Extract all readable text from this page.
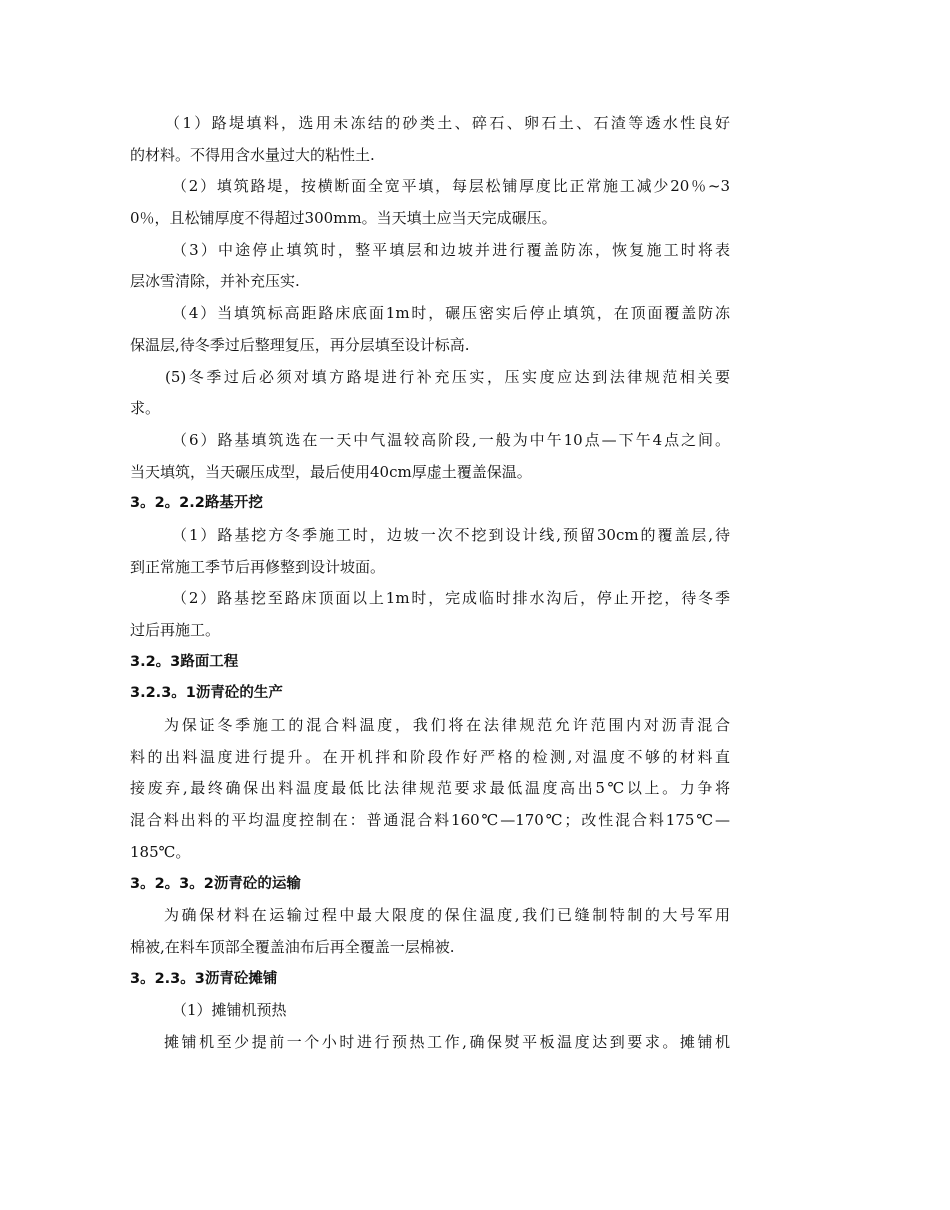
（1）路堤填料，选用未冻结的砂类土、碎石、卵石土、石渣等透水性良好
的材料。不得用含水量过大的粘性土.
（2）填筑路堤，按横断面全宽平填，每层松铺厚度比正常施工减少20％~3
0％，且松铺厚度不得超过300mm。当天填土应当天完成碾压。
（3）中途停止填筑时，整平填层和边坡并进行覆盖防冻，恢复施工时将表
层冰雪清除，并补充压实.
（4）当填筑标高距路床底面1m时，碾压密实后停止填筑，在顶面覆盖防冻
保温层,待冬季过后整理复压，再分层填至设计标高.
(5)冬季过后必须对填方路堤进行补充压实，压实度应达到法律规范相关要
求。
（6）路基填筑选在一天中气温较高阶段,一般为中午10点—下午4点之间。
当天填筑，当天碾压成型，最后使用40cm厚虚土覆盖保温。
3。2。2.2路基开挖
（1）路基挖方冬季施工时，边坡一次不挖到设计线,预留30cm的覆盖层,待
到正常施工季节后再修整到设计坡面。
（2）路基挖至路床顶面以上1m时，完成临时排水沟后，停止开挖，待冬季
过后再施工。
3.2。3路面工程
3.2.3。1沥青砼的生产
为保证冬季施工的混合料温度，我们将在法律规范允许范围内对沥青混合
料的出料温度进行提升。在开机拌和阶段作好严格的检测,对温度不够的材料直
接废弃,最终确保出料温度最低比法律规范要求最低温度高出5℃以上。力争将
混合料出料的平均温度控制在：普通混合料160℃—170℃；改性混合料175℃—
185℃。
3。2。3。2沥青砼的运输
为确保材料在运输过程中最大限度的保住温度,我们已缝制特制的大号军用
棉被,在料车顶部全覆盖油布后再全覆盖一层棉被.
3。2.3。3沥青砼摊铺
（1）摊铺机预热
摊铺机至少提前一个小时进行预热工作,确保熨平板温度达到要求。摊铺机
